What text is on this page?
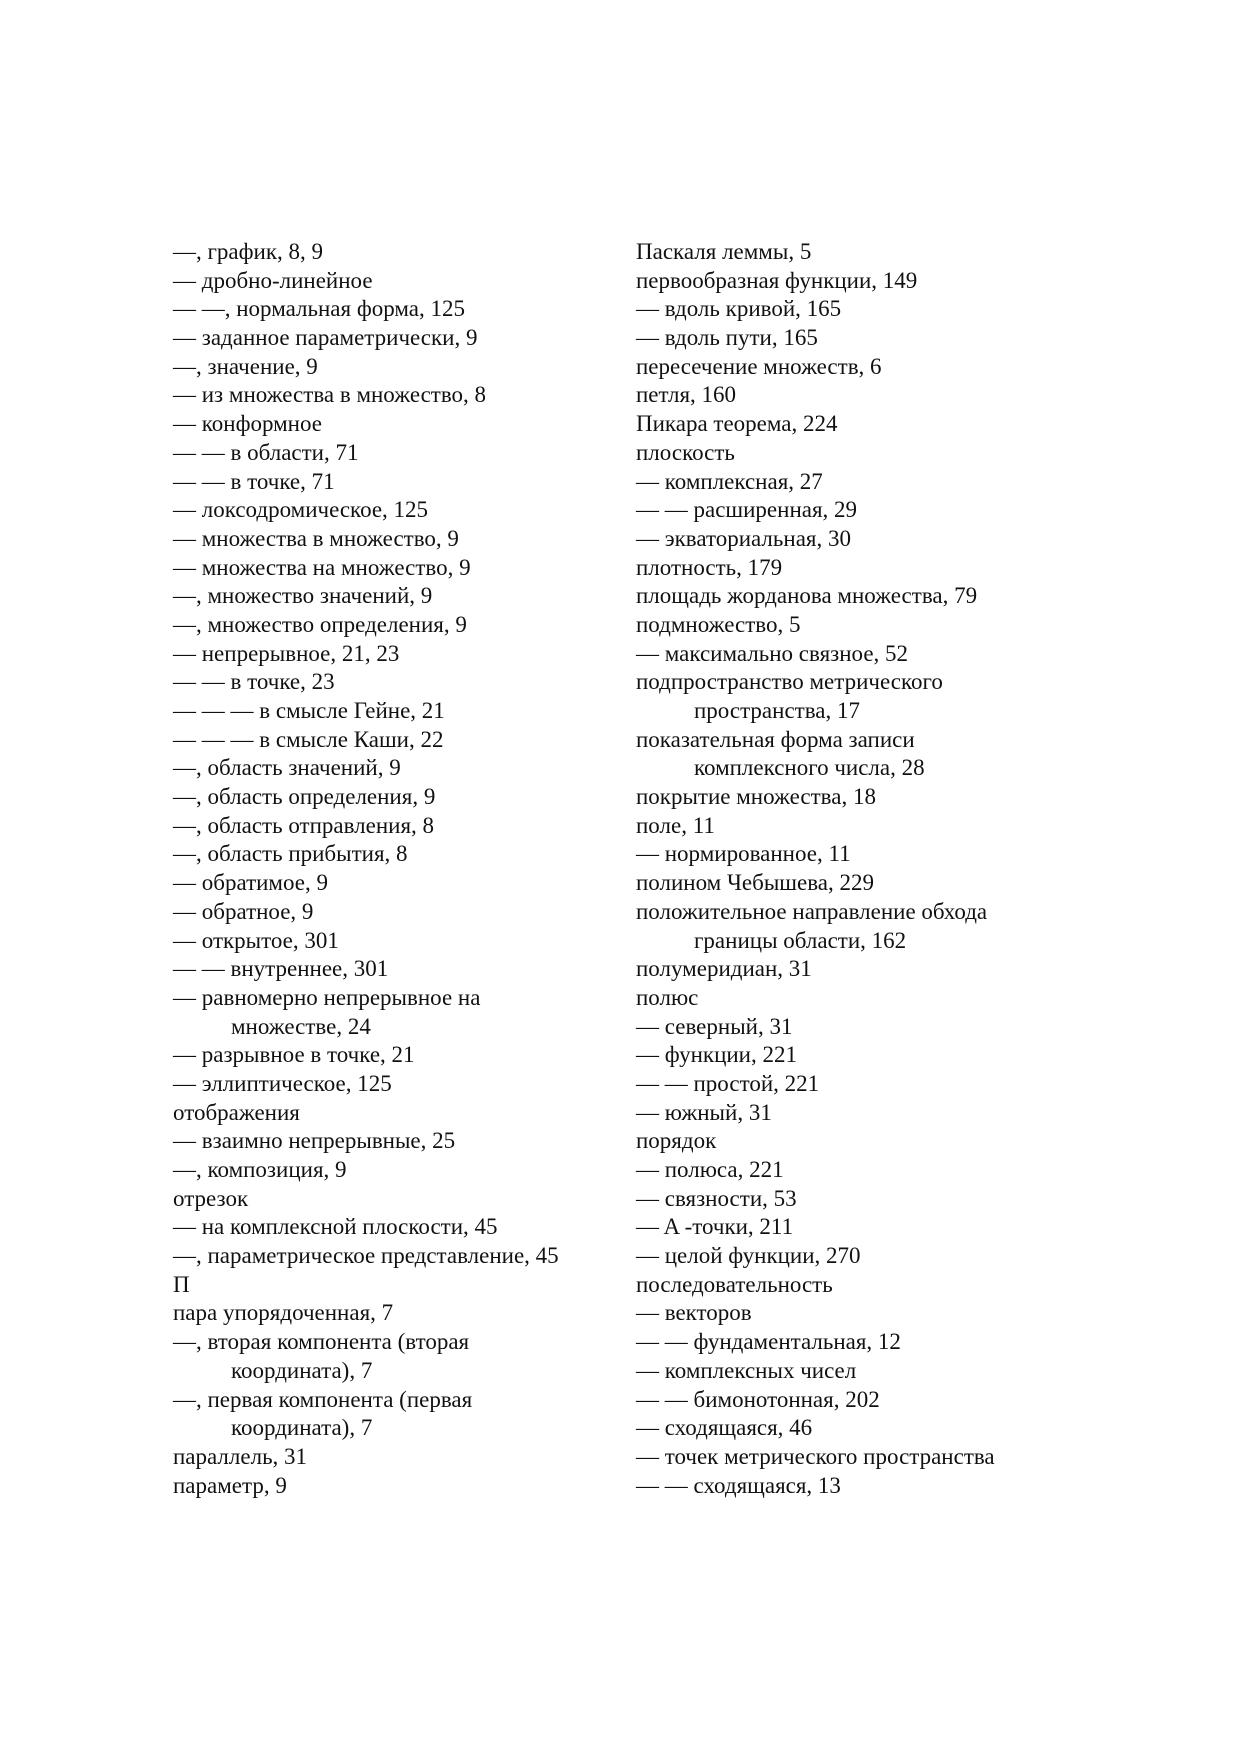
—, график, 8, 9
— дробно-линейное
— —, нормальная форма, 125
— заданное параметрически, 9
—, значение, 9
— из множества в множество, 8
— конформное
— — в области, 71
— — в точке, 71
— локсодромическое, 125
— множества в множество, 9
— множества на множество, 9
—, множество значений, 9
—, множество определения, 9
— непрерывное, 21, 23
— — в точке, 23
— — — в смысле Гейне, 21
— — — в смысле Каши, 22
—, область значений, 9
—, область определения, 9
—, область отправления, 8
—, область прибытия, 8
— обратимое, 9
— обратное, 9
— открытое, 301
— — внутреннее, 301
— равномерно непрерывное на
множестве, 24
— разрывное в точке, 21
— эллиптическое, 125
отображения
— взаимно непрерывные, 25
—, композиция, 9
отрезок
— на комплексной плоскости, 45
—, параметрическое представление, 45
П
пара упорядоченная, 7
—, вторая компонента (вторая
координата), 7
—, первая компонента (первая
координата), 7
параллель, 31
параметр, 9
Паскаля леммы, 5
первообразная функции, 149
— вдоль кривой, 165
— вдоль пути, 165
пересечение множеств, 6
петля, 160
Пикара теорема, 224
плоскость
— комплексная, 27
— — расширенная, 29
— экваториальная, 30
плотность, 179
площадь жорданова множества, 79
подмножество, 5
— максимально связное, 52
подпространство метрического
пространства, 17
показательная форма записи
комплексного числа, 28
покрытие множества, 18
поле, 11
— нормированное, 11
полином Чебышева, 229
положительное направление обхода
границы области, 162
полумеридиан, 31
полюс
— северный, 31
— функции, 221
— — простой, 221
— южный, 31
порядок
— полюса, 221
— связности, 53
— A -точки, 211
— целой функции, 270
последовательность
— векторов
— — фундаментальная, 12
— комплексных чисел
— — бимонотонная, 202
— сходящаяся, 46
— точек метрического пространства
— — сходящаяся, 13
